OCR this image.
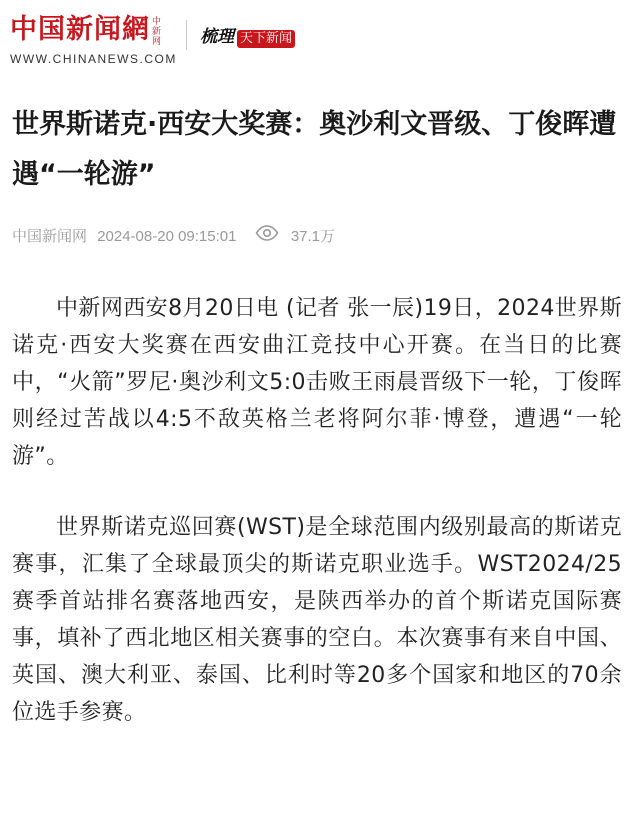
中国新闻網 中新网
WWW.CHINANEWS.COM
梳理 天下新闻
世界斯诺克·西安大奖赛：奥沙利文晋级、丁俊晖遭遇“一轮游”
中国新闻网 2024-08-20 09:15:01	37.1万

中新网西安8月20日电 (记者 张一辰)19日，2024世界斯诺克·西安大奖赛在西安曲江竞技中心开赛。在当日的比赛中，“火箭”罗尼·奥沙利文5:0击败王雨晨晋级下一轮，丁俊晖则经过苦战以4:5不敌英格兰老将阿尔菲·博登，遭遇“一轮游”。

世界斯诺克巡回赛(WST)是全球范围内级别最高的斯诺克赛事，汇集了全球最顶尖的斯诺克职业选手。WST2024/25赛季首站排名赛落地西安，是陕西举办的首个斯诺克国际赛事，填补了西北地区相关赛事的空白。本次赛事有来自中国、英国、澳大利亚、泰国、比利时等20多个国家和地区的70余位选手参赛。
